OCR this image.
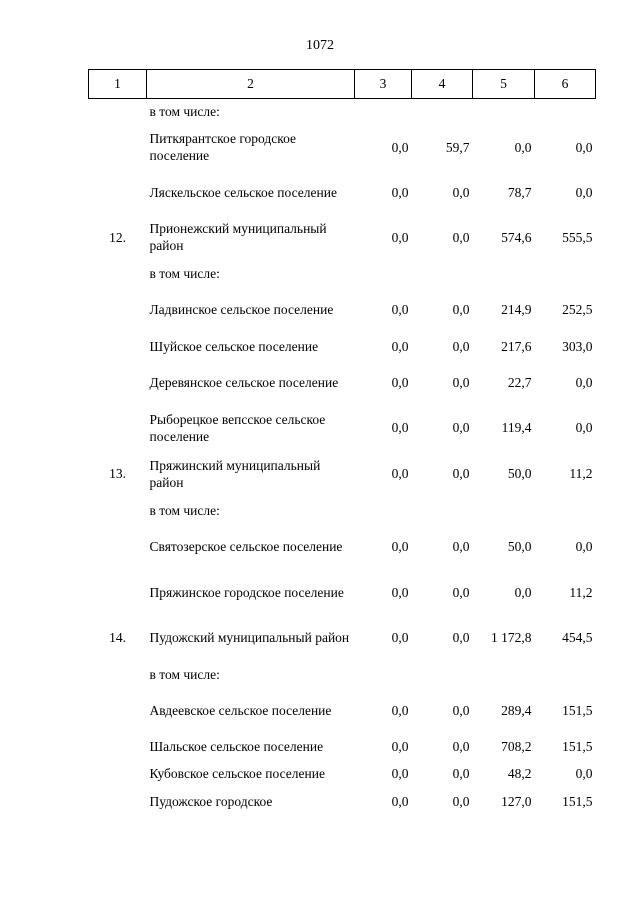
1072
1	2	3	4	5	6
	в том числе:				
	Питкярантское городское поселение	0,0	59,7	0,0	0,0
	Ляскельское сельское поселение	0,0	0,0	78,7	0,0
12.	Прионежский муниципальный район	0,0	0,0	574,6	555,5
	в том числе:				
	Ладвинское сельское поселение	0,0	0,0	214,9	252,5
	Шуйское сельское поселение	0,0	0,0	217,6	303,0
	Деревянское сельское поселение	0,0	0,0	22,7	0,0
	Рыборецкое вепсское сельское поселение	0,0	0,0	119,4	0,0
13.	Пряжинский муниципальный район	0,0	0,0	50,0	11,2
	в том числе:				
	Святозерское сельское поселение	0,0	0,0	50,0	0,0
	Пряжинское городское поселение	0,0	0,0	0,0	11,2
14.	Пудожский муниципальный район	0,0	0,0	1 172,8	454,5
	в том числе:				
	Авдеевское сельское поселение	0,0	0,0	289,4	151,5
	Шальское сельское поселение	0,0	0,0	708,2	151,5
	Кубовское сельское поселение	0,0	0,0	48,2	0,0
	Пудожское городское	0,0	0,0	127,0	151,5
